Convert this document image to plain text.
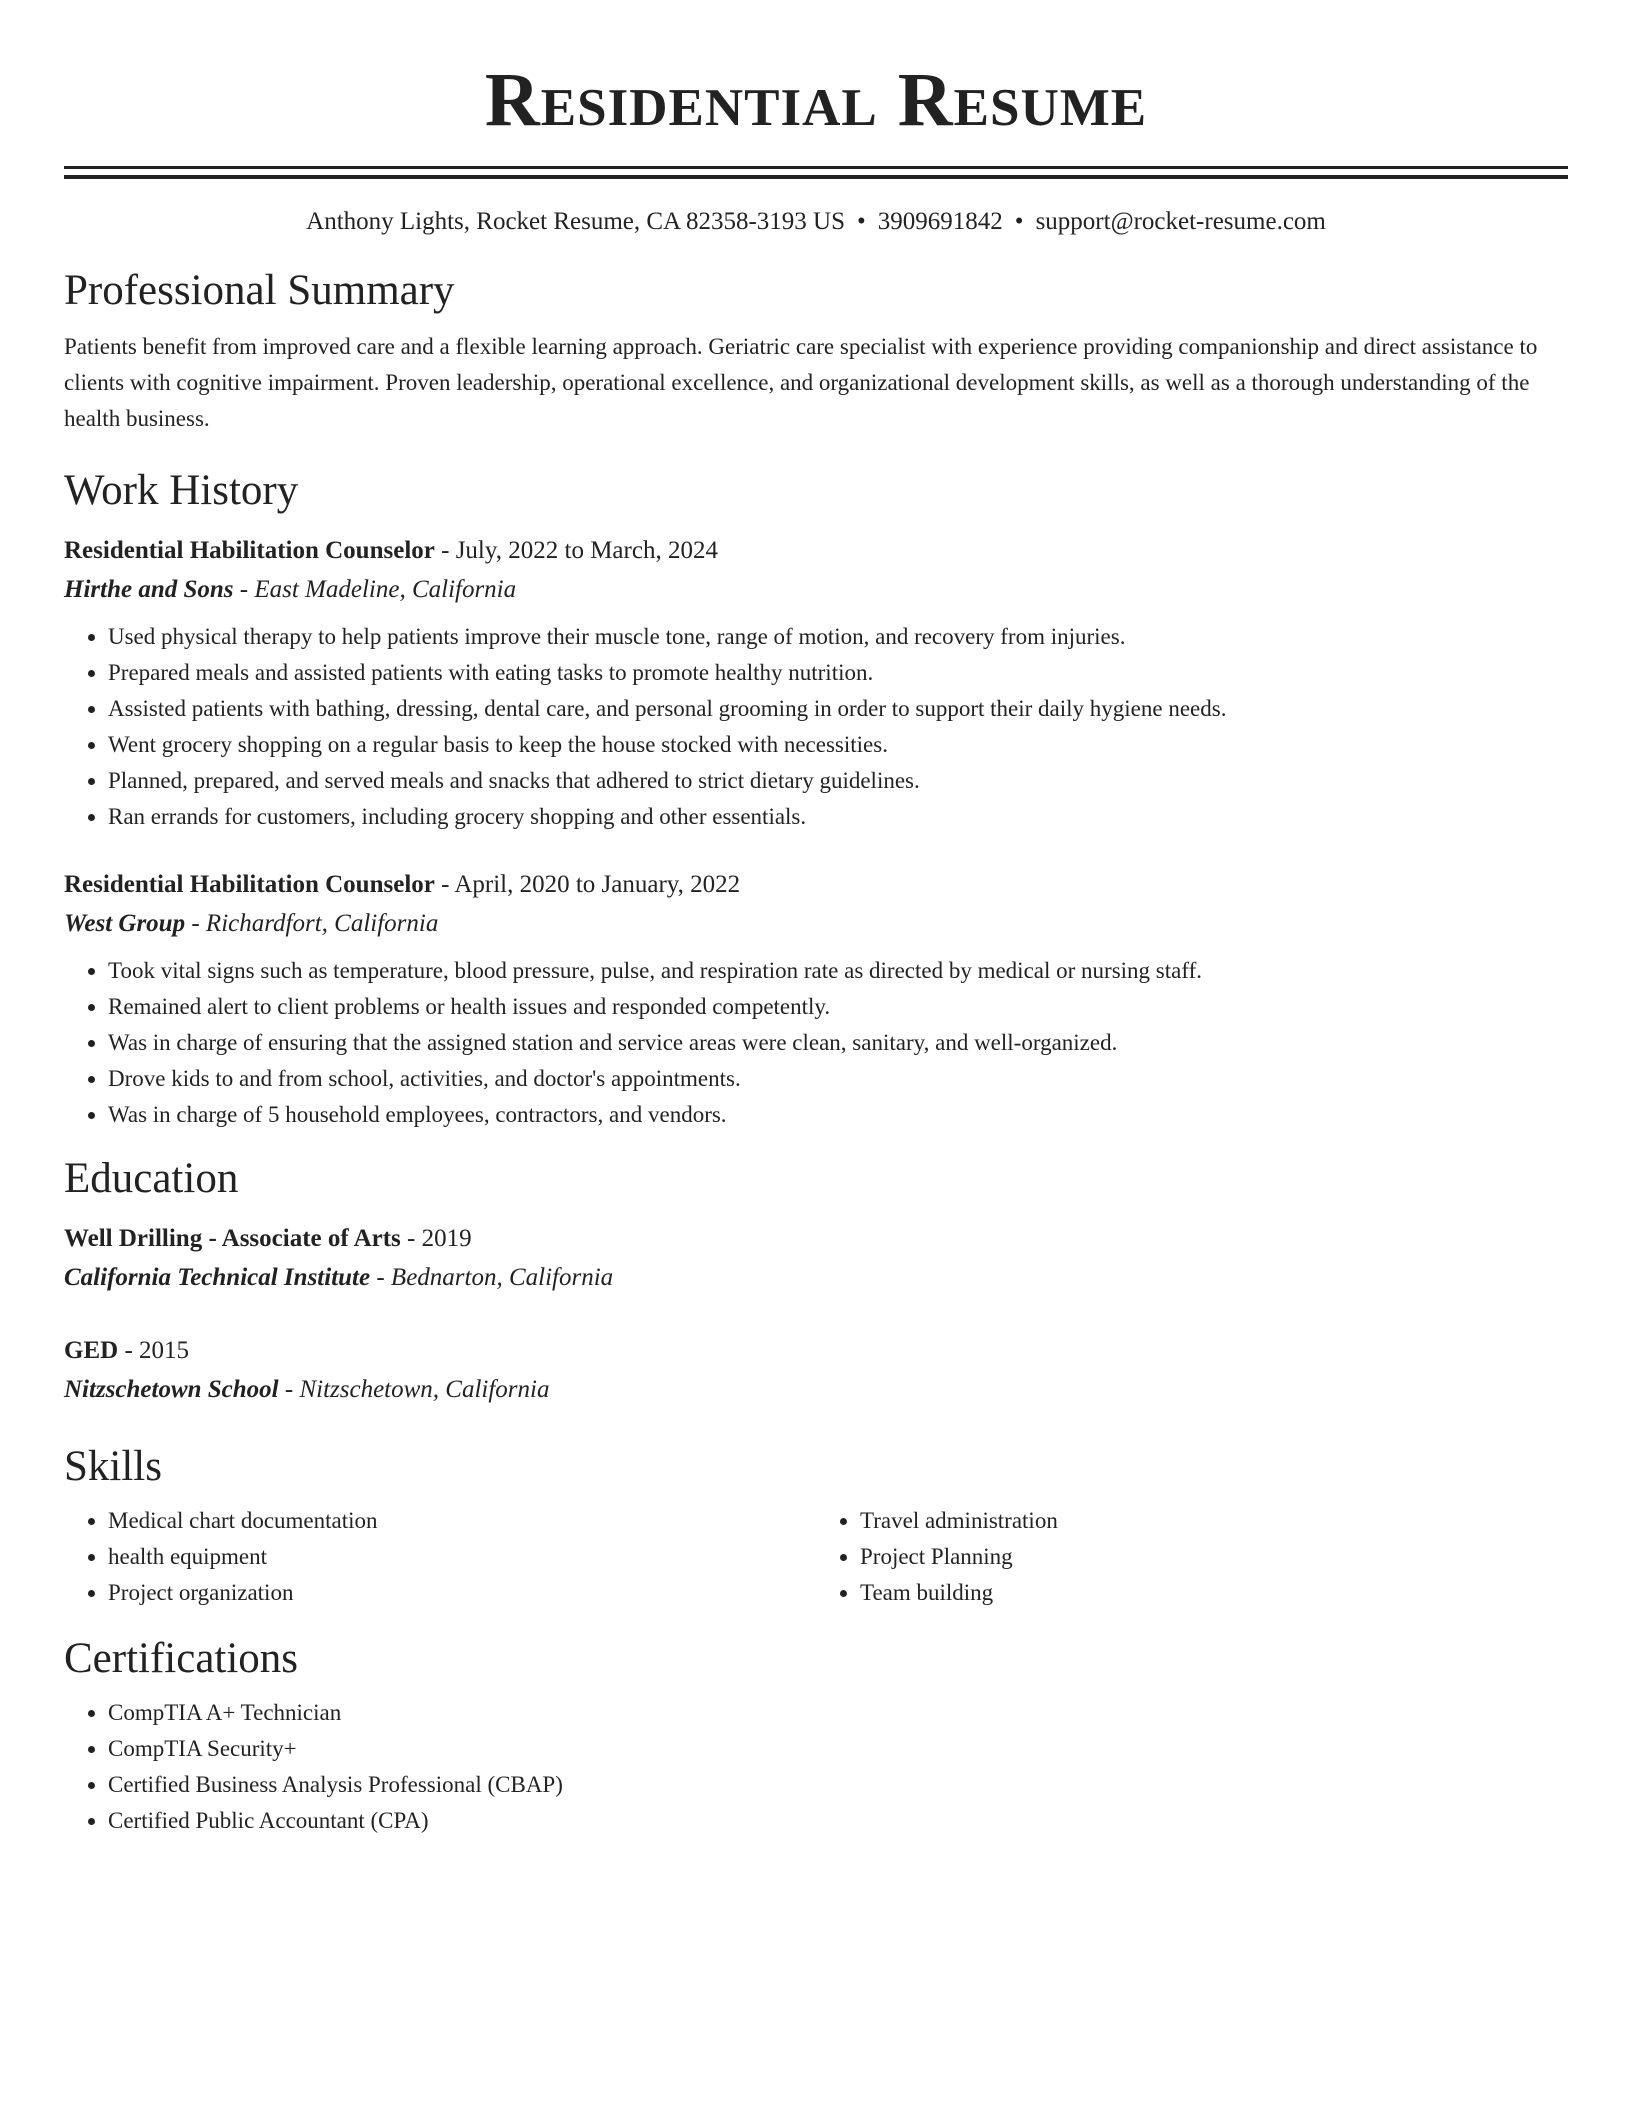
Residential Resume
Anthony Lights, Rocket Resume, CA 82358-3193 US • 3909691842 • support@rocket-resume.com
Professional Summary
Patients benefit from improved care and a flexible learning approach. Geriatric care specialist with experience providing companionship and direct assistance to clients with cognitive impairment. Proven leadership, operational excellence, and organizational development skills, as well as a thorough understanding of the health business.
Work History
Residential Habilitation Counselor - July, 2022 to March, 2024
Hirthe and Sons - East Madeline, California
• Used physical therapy to help patients improve their muscle tone, range of motion, and recovery from injuries.
• Prepared meals and assisted patients with eating tasks to promote healthy nutrition.
• Assisted patients with bathing, dressing, dental care, and personal grooming in order to support their daily hygiene needs.
• Went grocery shopping on a regular basis to keep the house stocked with necessities.
• Planned, prepared, and served meals and snacks that adhered to strict dietary guidelines.
• Ran errands for customers, including grocery shopping and other essentials.
Residential Habilitation Counselor - April, 2020 to January, 2022
West Group - Richardfort, California
• Took vital signs such as temperature, blood pressure, pulse, and respiration rate as directed by medical or nursing staff.
• Remained alert to client problems or health issues and responded competently.
• Was in charge of ensuring that the assigned station and service areas were clean, sanitary, and well-organized.
• Drove kids to and from school, activities, and doctor's appointments.
• Was in charge of 5 household employees, contractors, and vendors.
Education
Well Drilling - Associate of Arts - 2019
California Technical Institute - Bednarton, California
GED - 2015
Nitzschetown School - Nitzschetown, California
Skills
• Medical chart documentation
• health equipment
• Project organization
• Travel administration
• Project Planning
• Team building
Certifications
• CompTIA A+ Technician
• CompTIA Security+
• Certified Business Analysis Professional (CBAP)
• Certified Public Accountant (CPA)
